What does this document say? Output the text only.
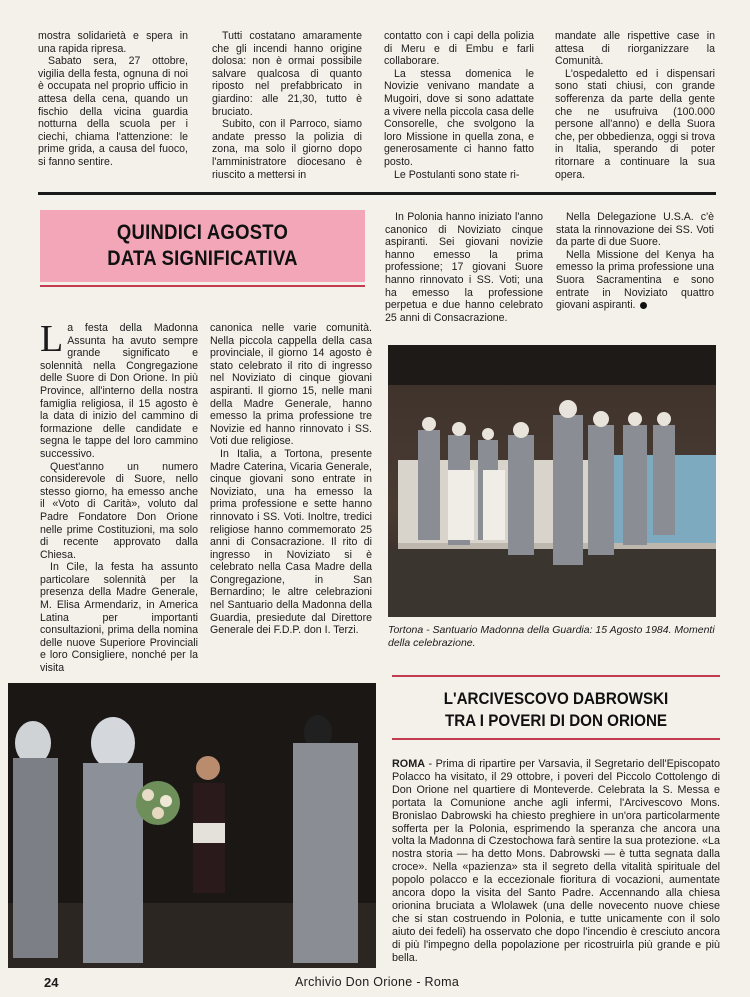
mostra solidarietà e spera in una rapida ripresa.

Sabato sera, 27 ottobre, vigilia della festa, ognuna di noi è occupata nel proprio ufficio in attesa della cena, quando un fischio della vicina guardia notturna della scuola per i ciechi, chiama l'attenzione: le prime grida, a causa del fuoco, si fanno sentire.

Tutti costatano amaramente che gli incendi hanno origine dolosa: non è ormai possibile salvare qualcosa di quanto riposto nel prefabbricato in giardino: alle 21,30, tutto è bruciato.

Subito, con il Parroco, siamo andate presso la polizia di zona, ma solo il giorno dopo l'amministratore diocesano è riuscito a mettersi in

contatto con i capi della polizia di Meru e di Embu e farli collaborare.

La stessa domenica le Novizie venivano mandate a Mugoiri, dove si sono adattate a vivere nella piccola casa delle Consorelle, che svolgono la loro Missione in quella zona, e generosamente ci hanno fatto posto.

Le Postulanti sono state ri-

mandate alle rispettive case in attesa di riorganizzare la Comunità.

L'ospedaletto ed i dispensari sono stati chiusi, con grande sofferenza da parte della gente che ne usufruiva (100.000 persone all'anno) e della Suora che, per obbedienza, oggi si trova in Italia, sperando di poter ritornare a continuare la sua opera.

QUINDICI AGOSTO DATA SIGNIFICATIVA

La festa della Madonna Assunta ha avuto sempre grande significato e solennità nella Congregazione delle Suore di Don Orione. In più Province, all'interno della nostra famiglia religiosa, il 15 agosto è la data di inizio del cammino di formazione delle candidate e segna le tappe del loro cammino successivo.

Quest'anno un numero considerevole di Suore, nello stesso giorno, ha emesso anche il «Voto di Carità», voluto dal Padre Fondatore Don Orione nelle prime Costituzioni, ma solo di recente approvato dalla Chiesa.

In Cile, la festa ha assunto particolare solennità per la presenza della Madre Generale, M. Elisa Armendariz, in America Latina per importanti consultazioni, prima della nomina delle nuove Superiore Provinciali e loro Consigliere, nonché per la visita

canonica nelle varie comunità. Nella piccola cappella della casa provinciale, il giorno 14 agosto è stato celebrato il rito di ingresso nel Noviziato di cinque giovani aspiranti. Il giorno 15, nelle mani della Madre Generale, hanno emesso la prima professione tre Novizie ed hanno rinnovato i SS. Voti due religiose.

In Italia, a Tortona, presente Madre Caterina, Vicaria Generale, cinque giovani sono entrate in Noviziato, una ha emesso la prima professione e sette hanno rinnovato i SS. Voti. Inoltre, tredici religiose hanno commemorato 25 anni di Consacrazione. Il rito di ingresso in Noviziato si è celebrato nella Casa Madre della Congregazione, in San Bernardino; le altre celebrazioni nel Santuario della Madonna della Guardia, presiedute dal Direttore Generale dei F.D.P. don I. Terzi.

In Polonia hanno iniziato l'anno canonico di Noviziato cinque aspiranti. Sei giovani novizie hanno emesso la prima professione; 17 giovani Suore hanno rinnovato i SS. Voti; una ha emesso la professione perpetua e due hanno celebrato 25 anni di Consacrazione.

Nella Delegazione U.S.A. c'è stata la rinnovazione dei SS. Voti da parte di due Suore.

Nella Missione del Kenya ha emesso la prima professione una Suora Sacramentina e sono entrate in Noviziato quattro giovani aspiranti.

Tortona - Santuario Madonna della Guardia: 15 Agosto 1984. Momenti della celebrazione.
L'ARCIVESCOVO DABROWSKI
TRA I POVERI DI DON ORIONE

ROMA - Prima di ripartire per Varsavia, il Segretario dell'Episcopato Polacco ha visitato, il 29 ottobre, i poveri del Piccolo Cottolengo di Don Orione nel quartiere di Monteverde. Celebrata la S. Messa e portata la Comunione anche agli infermi, l'Arcivescovo Mons. Bronislao Dabrowski ha chiesto preghiere in un'ora particolarmente sofferta per la Polonia, esprimendo la speranza che ancora una volta la Madonna di Czestochowa farà sentire la sua protezione. «La nostra storia — ha detto Mons. Dabrowski — è tutta segnata dalla croce». Nella «pazienza» sta il segreto della vitalità spirituale del popolo polacco e la eccezionale fioritura di vocazioni, aumentate ancora dopo la visita del Santo Padre. Accennando alla chiesa orionina bruciata a Wlolawek (una delle novecento nuove chiese che si stan costruendo in Polonia, e tutte unicamente con il solo aiuto dei fedeli) ha osservato che dopo l'incendio è cresciuto ancora di più l'impegno della popolazione per ricostruirla più grande e più bella.

24	Archivio Don Orione - Roma
